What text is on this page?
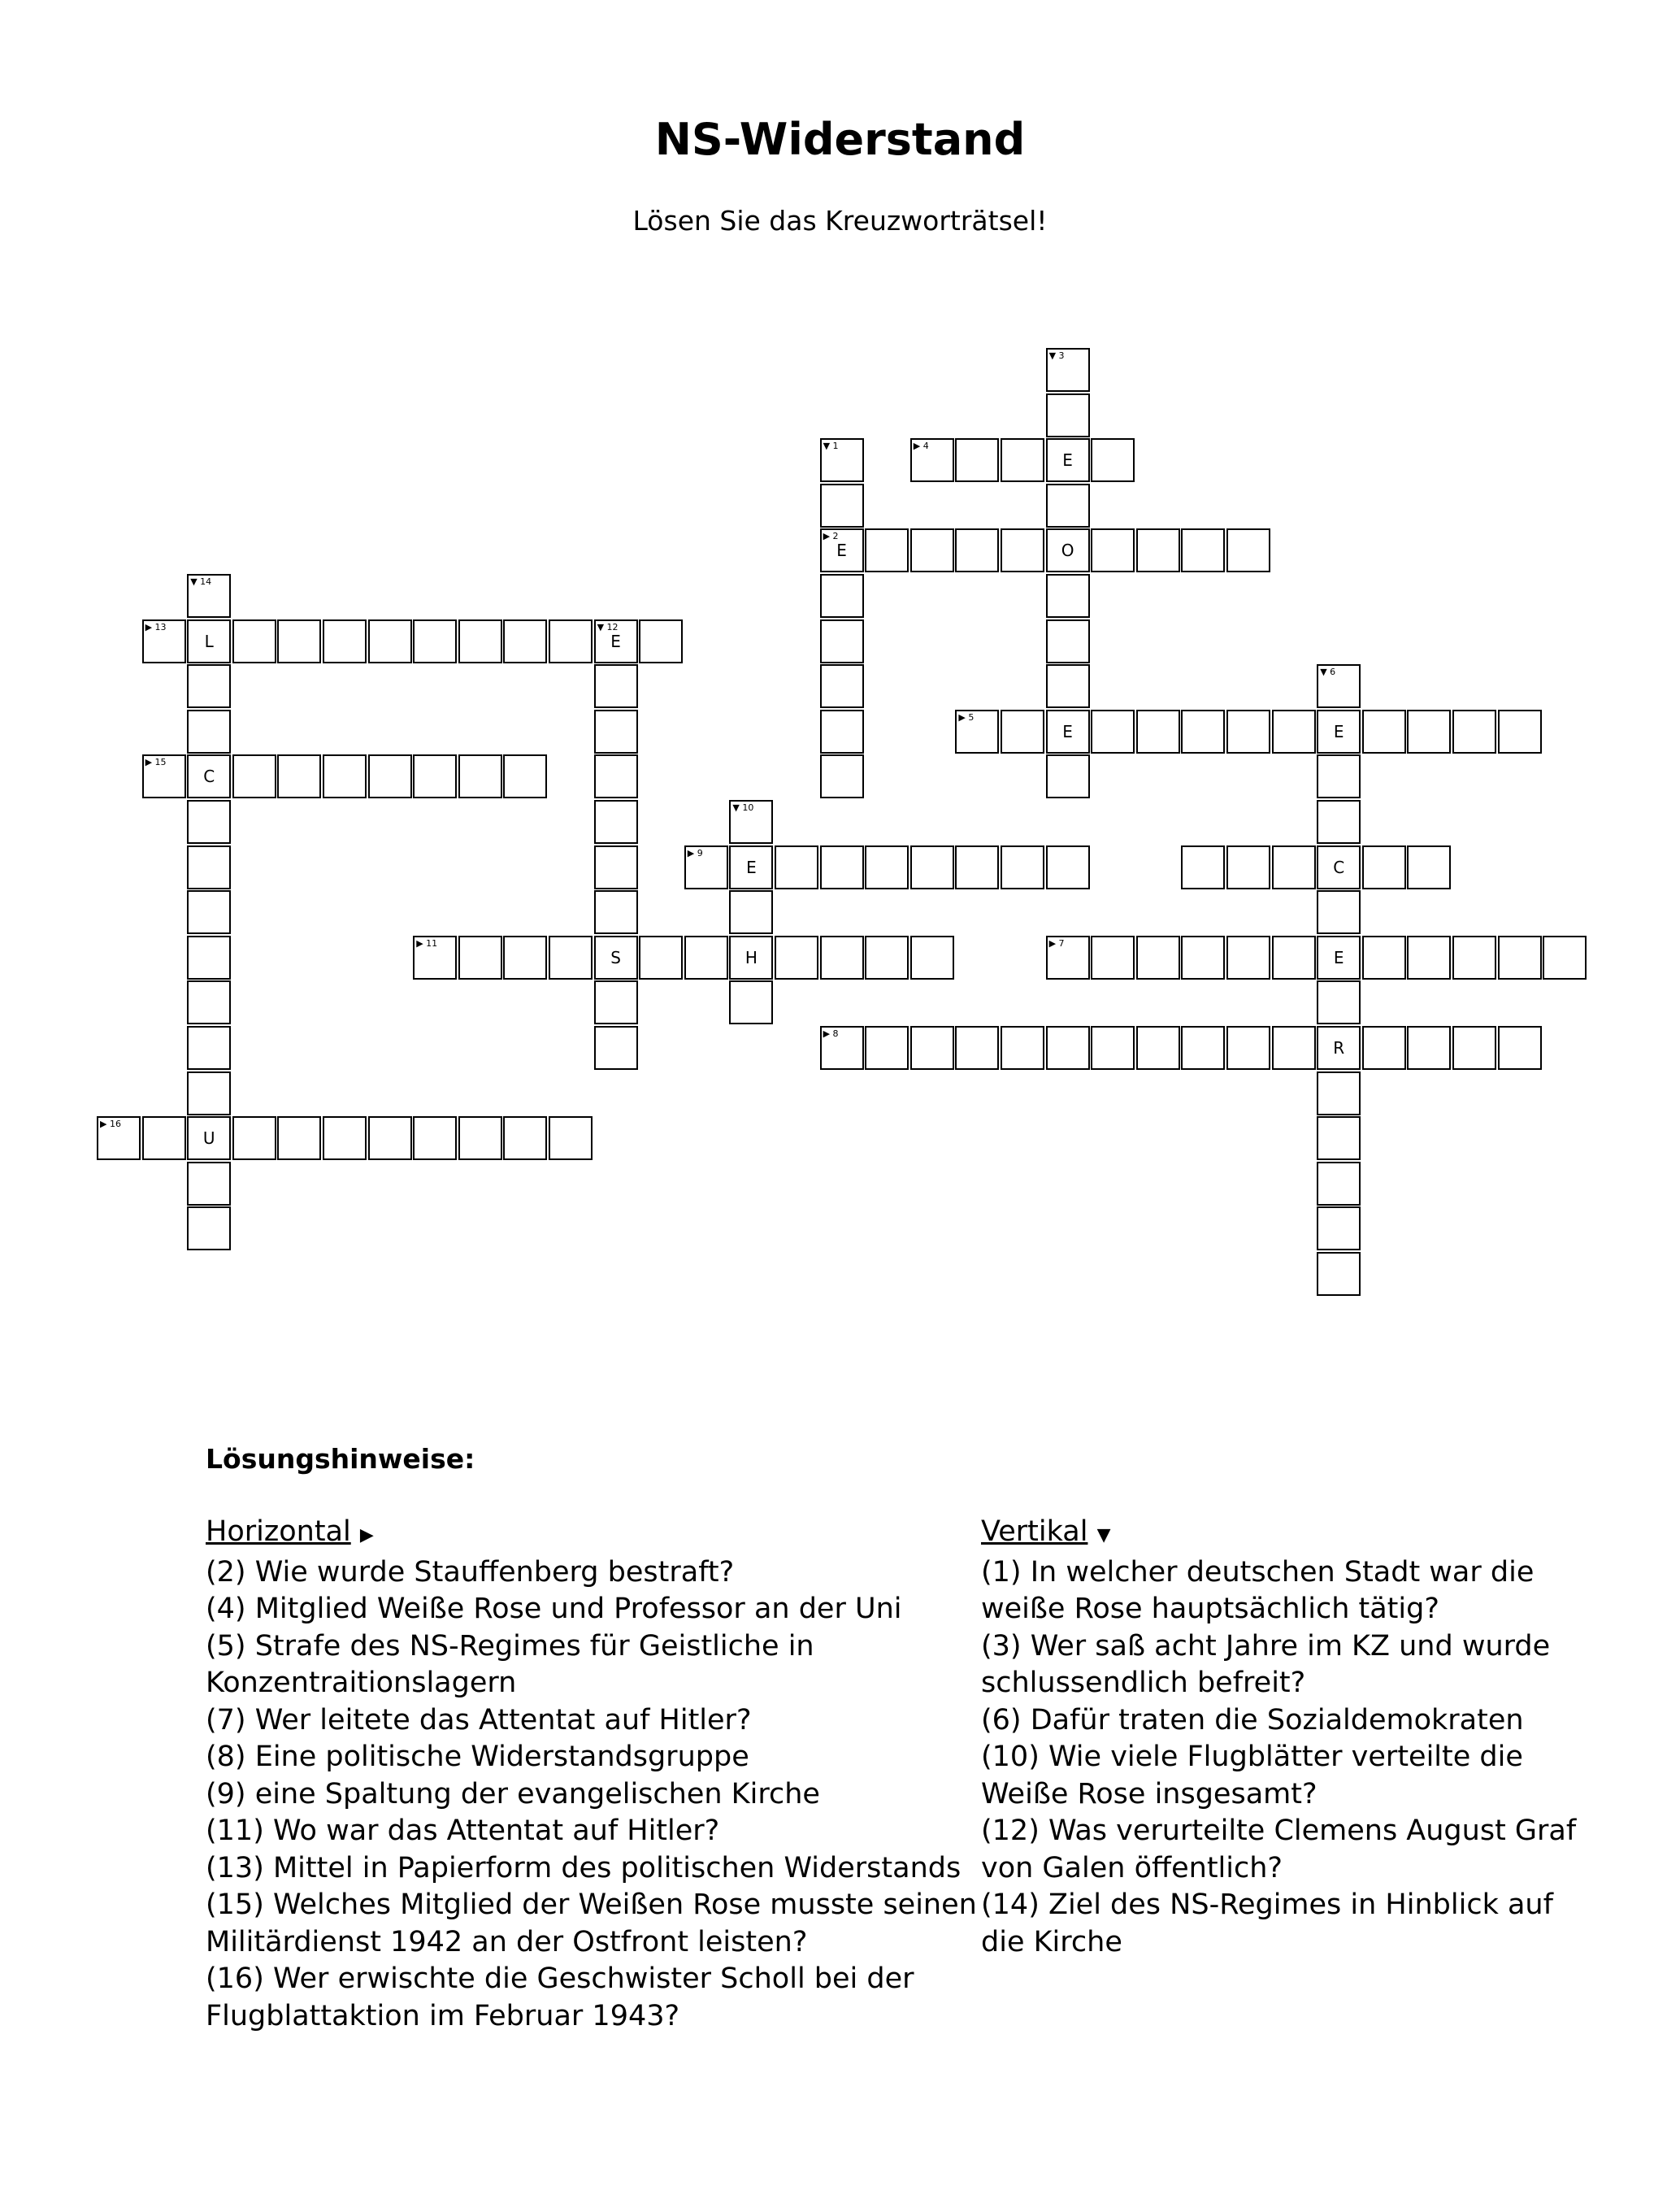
NS-Widerstand
Lösen Sie das Kreuzworträtsel!
E	O
E
E	E
C
E
R
E
H
S
E
L
C
U
▼ 1
▶ 2
▼ 3
▶ 4
▶ 5
▼ 6
▶ 7
▶ 8
▶ 9
▼ 10
▶ 11
▼ 12
▶ 13
▼ 14
▶ 15
▶ 16
Lösungshinweise:
Horizontal ▶
(2) Wie wurde Stauffenberg bestraft?
(4) Mitglied Weiße Rose und Professor an der Uni
(5) Strafe des NS-Regimes für Geistliche in Konzentraitionslagern
(7) Wer leitete das Attentat auf Hitler?
(8) Eine politische Widerstandsgruppe
(9) eine Spaltung der evangelischen Kirche
(11) Wo war das Attentat auf Hitler?
(13) Mittel in Papierform des politischen Widerstands
(15) Welches Mitglied der Weißen Rose musste seinen Militärdienst 1942 an der Ostfront leisten?
(16) Wer erwischte die Geschwister Scholl bei der Flugblattaktion im Februar 1943?
Vertikal ▼
(1) In welcher deutschen Stadt war die weiße Rose hauptsächlich tätig?
(3) Wer saß acht Jahre im KZ und wurde schlussendlich befreit?
(6) Dafür traten die Sozialdemokraten
(10) Wie viele Flugblätter verteilte die Weiße Rose insgesamt?
(12) Was verurteilte Clemens August Graf von Galen öffentlich?
(14) Ziel des NS-Regimes in Hinblick auf die Kirche
